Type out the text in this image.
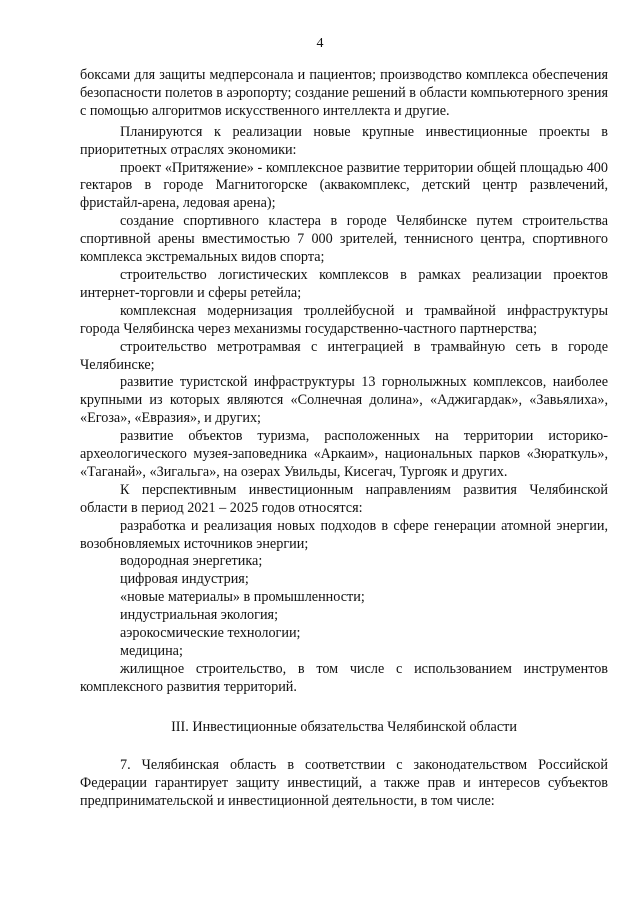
4

боксами для защиты медперсонала и пациентов; производство комплекса обеспечения безопасности полетов в аэропорту; создание решений в области компьютерного зрения с помощью алгоритмов искусственного интеллекта и другие.

Планируются к реализации новые крупные инвестиционные проекты в приоритетных отраслях экономики:

проект «Притяжение» - комплексное развитие территории общей площадью 400 гектаров в городе Магнитогорске (аквакомплекс, детский центр развлечений, фристайл-арена, ледовая арена);

создание спортивного кластера в городе Челябинске путем строительства спортивной арены вместимостью 7 000 зрителей, теннисного центра, спортивного комплекса экстремальных видов спорта;

строительство логистических комплексов в рамках реализации проектов интернет-торговли и сферы ретейла;

комплексная модернизация троллейбусной и трамвайной инфраструктуры города Челябинска через механизмы государственно-частного партнерства;

строительство метротрамвая с интеграцией в трамвайную сеть в городе Челябинске;

развитие туристской инфраструктуры 13 горнолыжных комплексов, наиболее крупными из которых являются «Солнечная долина», «Аджигардак», «Завьялиха», «Егоза», «Евразия», и других;

развитие объектов туризма, расположенных на территории историко-археологического музея-заповедника «Аркаим», национальных парков «Зюраткуль», «Таганай», «Зигальга», на озерах Увильды, Кисегач, Тургояк и других.

К перспективным инвестиционным направлениям развития Челябинской области в период 2021 – 2025 годов относятся:

разработка и реализация новых подходов в сфере генерации атомной энергии, возобновляемых источников энергии;

водородная энергетика;

цифровая индустрия;

«новые материалы» в промышленности;

индустриальная экология;

аэрокосмические технологии;

медицина;

жилищное строительство, в том числе с использованием инструментов комплексного развития территорий.

III. Инвестиционные обязательства Челябинской области

7. Челябинская область в соответствии с законодательством Российской Федерации гарантирует защиту инвестиций, а также прав и интересов субъектов предпринимательской и инвестиционной деятельности, в том числе:
